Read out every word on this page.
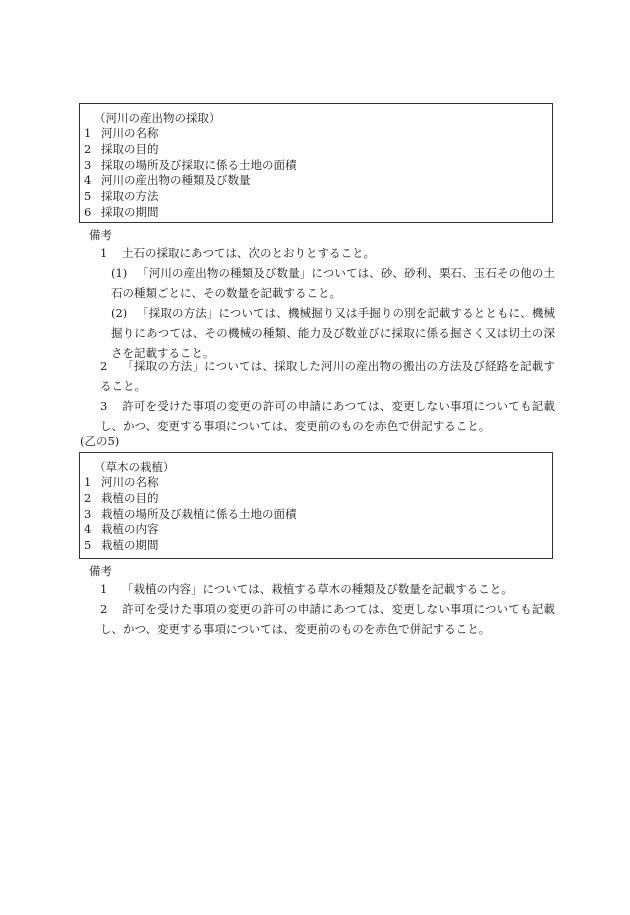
（河川の産出物の採取）
1 河川の名称
2 採取の目的
3 採取の場所及び採取に係る土地の面積
4 河川の産出物の種類及び数量
5 採取の方法
6 採取の期間
備考
1 土石の採取にあつては、次のとおりとすること。
(1) 「河川の産出物の種類及び数量」については、砂、砂利、栗石、玉石その他の土石の種類ごとに、その数量を記載すること。
(2) 「採取の方法」については、機械掘り又は手掘りの別を記載するとともに、機械掘りにあつては、その機械の種類、能力及び数並びに採取に係る掘さく又は切土の深さを記載すること。
2 「採取の方法」については、採取した河川の産出物の搬出の方法及び経路を記載すること。
3 許可を受けた事項の変更の許可の申請にあつては、変更しない事項についても記載し、かつ、変更する事項については、変更前のものを赤色で併記すること。
(乙の5)
（草木の栽植）
1 河川の名称
2 栽植の目的
3 栽植の場所及び栽植に係る土地の面積
4 栽植の内容
5 栽植の期間
備考
1 「栽植の内容」については、栽植する草木の種類及び数量を記載すること。
2 許可を受けた事項の変更の許可の申請にあつては、変更しない事項についても記載し、かつ、変更する事項については、変更前のものを赤色で併記すること。
